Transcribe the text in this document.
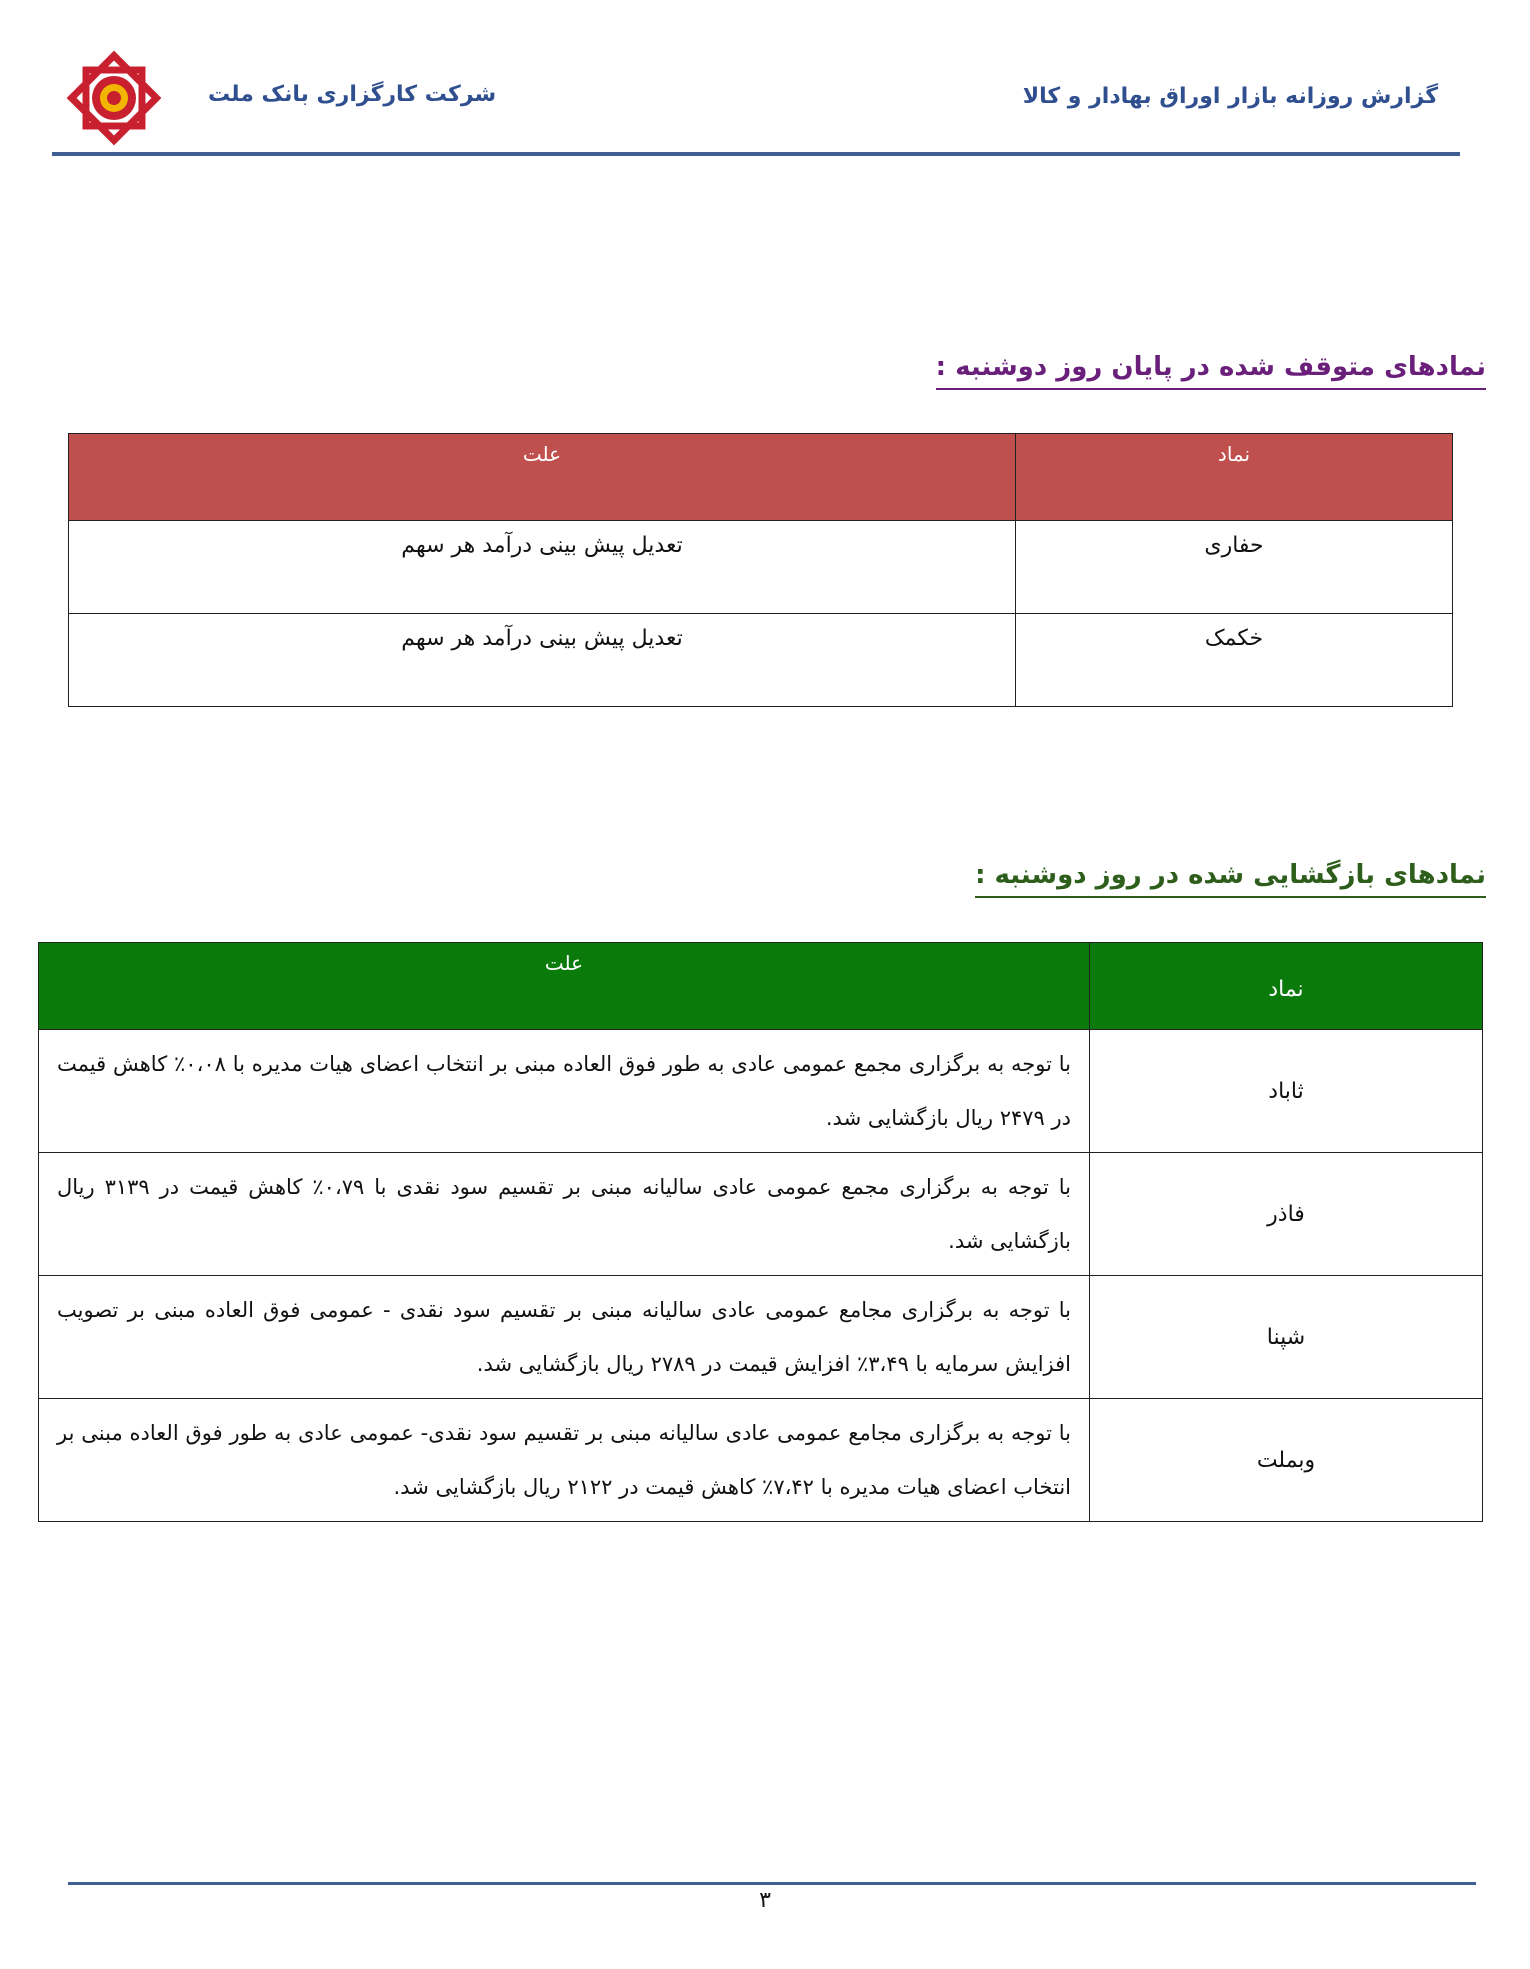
شرکت کارگزاری بانک ملت	گزارش روزانه بازار اوراق بهادار و کالا
نمادهای متوقف شده در پایان روز دوشنبه :
نماد	علت
حفاری	تعدیل پیش بینی درآمد هر سهم
خکمک	تعدیل پیش بینی درآمد هر سهم
نمادهای بازگشایی شده در روز دوشنبه :
نماد	علت
ثاباد	با توجه به برگزاری مجمع عمومی عادی به طور فوق العاده مبنی بر انتخاب اعضای هیات مدیره با ۰،۰۸٪ کاهش قیمت در ۲۴۷۹ ریال بازگشایی شد.
فاذر	با توجه به برگزاری مجمع عمومی عادی سالیانه مبنی بر تقسیم سود نقدی با ۰،۷۹٪ کاهش قیمت در ۳۱۳۹ ریال بازگشایی شد.
شپنا	با توجه به برگزاری مجامع عمومی عادی سالیانه مبنی بر تقسیم سود نقدی - عمومی فوق العاده مبنی بر تصویب افزایش سرمایه با ۳،۴۹٪ افزایش قیمت در ۲۷۸۹ ریال بازگشایی شد.
وبملت	با توجه به برگزاری مجامع عمومی عادی سالیانه مبنی بر تقسیم سود نقدی- عمومی عادی به طور فوق العاده مبنی بر انتخاب اعضای هیات مدیره با ۷،۴۲٪ کاهش قیمت در ۲۱۲۲ ریال بازگشایی شد.
۳
